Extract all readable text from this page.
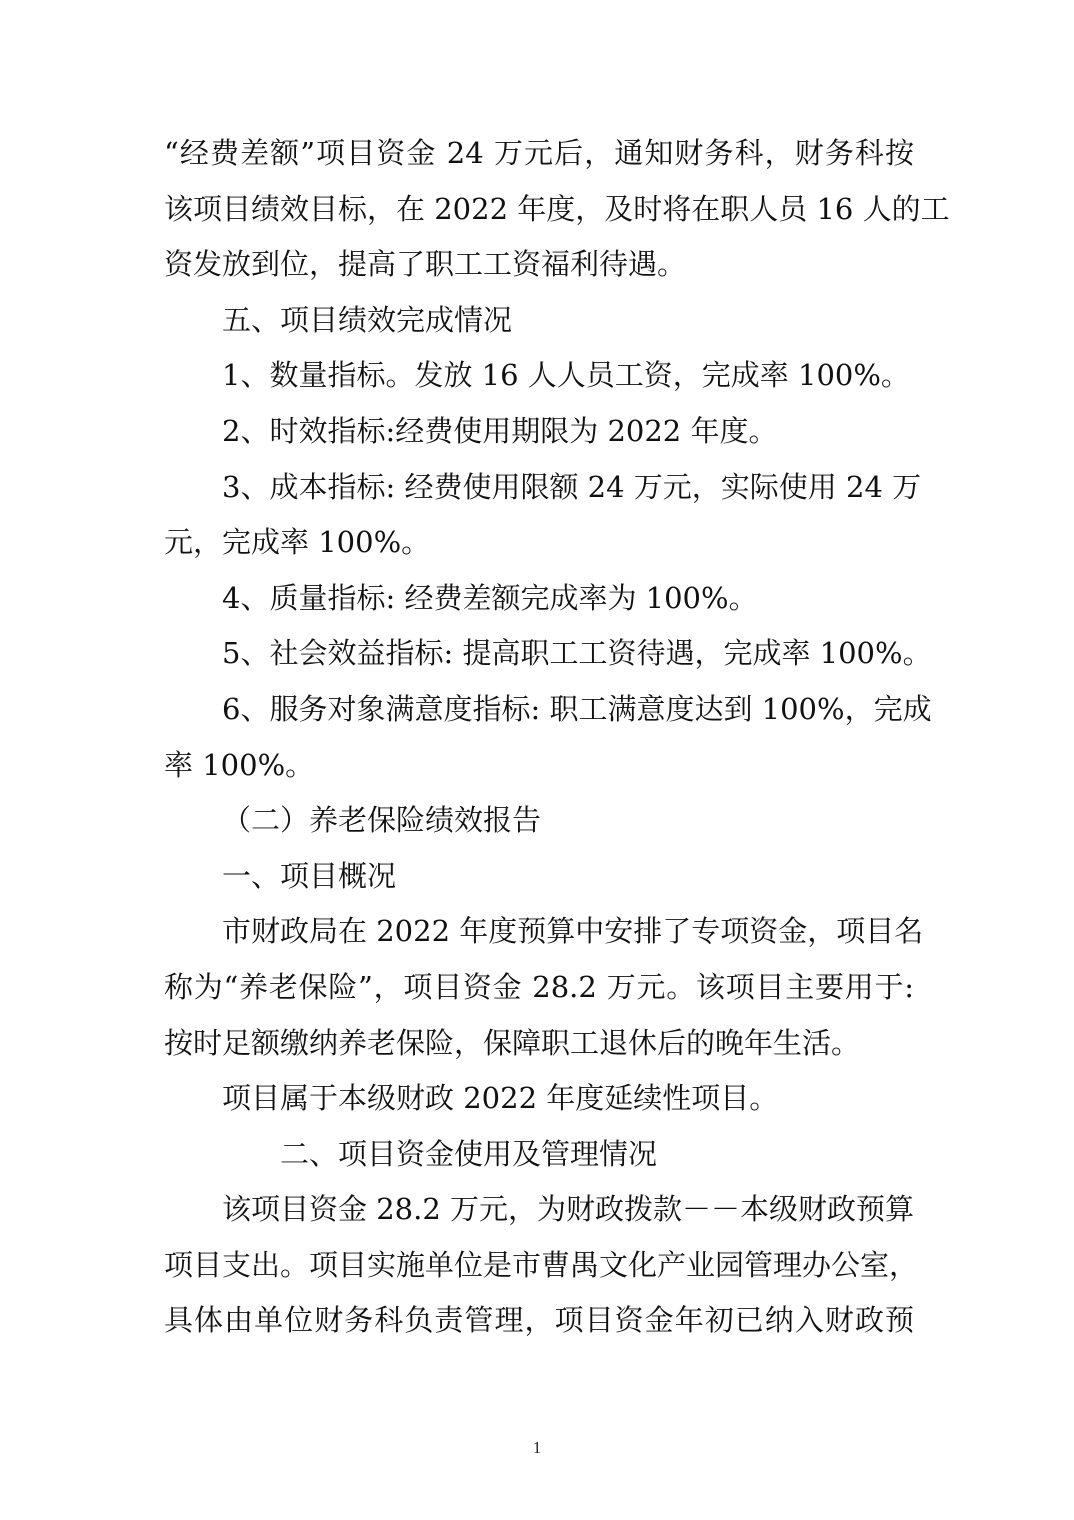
“经费差额”项目资金 24 万元后，通知财务科，财务科按
该项目绩效目标，在 2022 年度，及时将在职人员 16 人的工
资发放到位，提高了职工工资福利待遇。
五、项目绩效完成情况
1、数量指标。发放 16 人人员工资，完成率 100%。
2、时效指标:经费使用期限为 2022 年度。
3、成本指标: 经费使用限额 24 万元，实际使用 24 万
元，完成率 100%。
4、质量指标: 经费差额完成率为 100%。
5、社会效益指标: 提高职工工资待遇，完成率 100%。
6、服务对象满意度指标: 职工满意度达到 100%，完成
率 100%。
（二）养老保险绩效报告
一、项目概况
市财政局在 2022 年度预算中安排了专项资金，项目名
称为“养老保险”，项目资金 28.2 万元。该项目主要用于:
按时足额缴纳养老保险，保障职工退休后的晚年生活。
项目属于本级财政 2022 年度延续性项目。
二、项目资金使用及管理情况
该项目资金 28.2 万元，为财政拨款－－本级财政预算
项目支出。项目实施单位是市曹禺文化产业园管理办公室，
具体由单位财务科负责管理，项目资金年初已纳入财政预
1
